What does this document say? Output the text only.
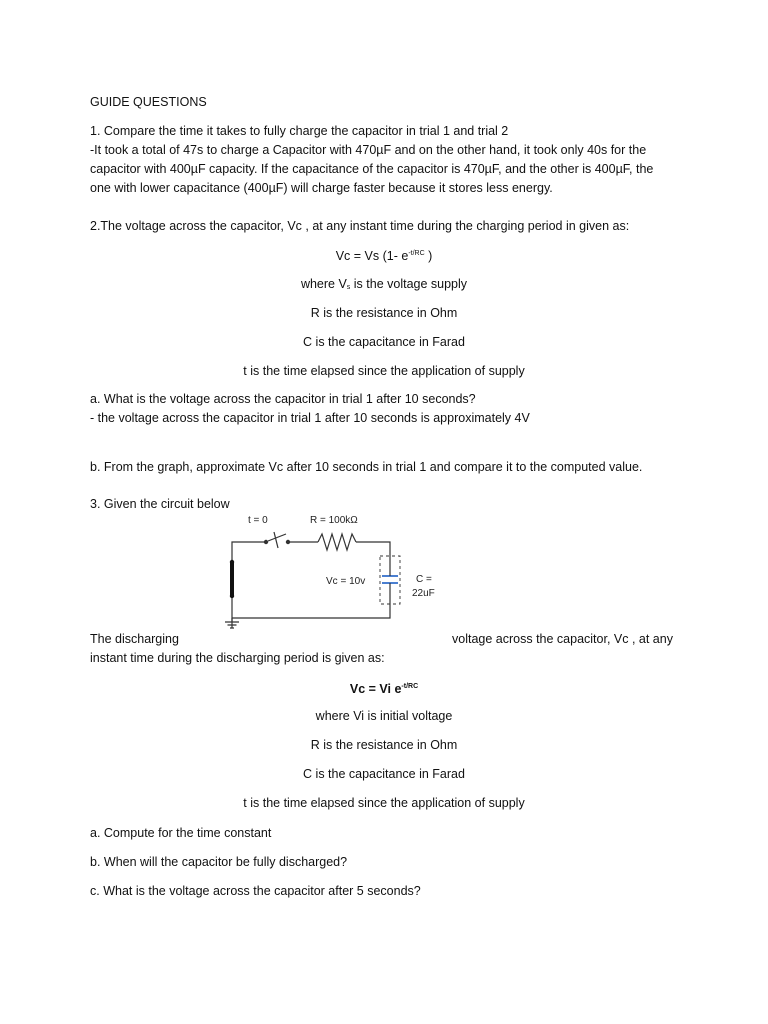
GUIDE QUESTIONS
1. Compare the time it takes to fully charge the capacitor in trial 1 and trial 2
-It took a total of 47s to charge a Capacitor with 470µF and on the other hand, it took only 40s for the
capacitor with 400µF capacity. If the capacitance of the capacitor is 470µF, and the other is 400µF, the
one with lower capacitance (400µF) will charge faster because it stores less energy.
2.The voltage across the capacitor, Vc , at any instant time during the charging period in given as:
Vc = Vs (1- $e^{-t/RC}$ )
where $V_s$ is the voltage supply
R is the resistance in Ohm
C is the capacitance in Farad
t is the time elapsed since the application of supply
a. What is the voltage across the capacitor in trial 1 after 10 seconds?
- the voltage across the capacitor in trial 1 after 10 seconds is approximately 4V
b. From the graph, approximate Vc after 10 seconds in trial 1 and compare it to the computed value.
3. Given the circuit below
t = 0	R = 100kΩ
Vc = 10v	C =
22uF
The discharging	voltage across the capacitor, Vc , at any
instant time during the discharging period is given as:
Vc = Vi $e^{-t/RC}$
where Vi is initial voltage
R is the resistance in Ohm
C is the capacitance in Farad
t is the time elapsed since the application of supply
a. Compute for the time constant
b. When will the capacitor be fully discharged?
c. What is the voltage across the capacitor after 5 seconds?
